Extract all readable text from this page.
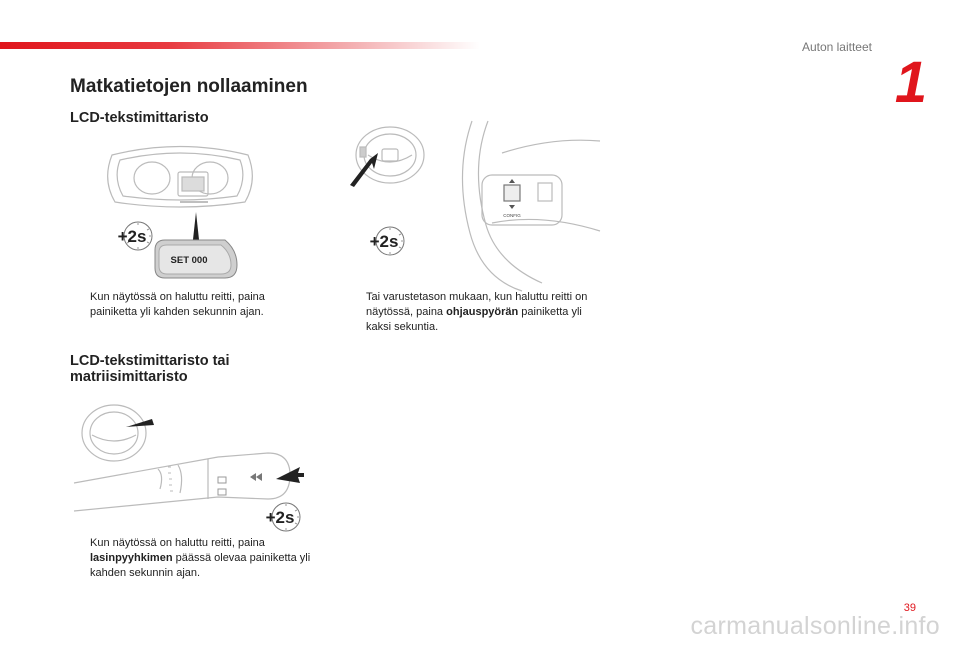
Auton laitteet
1
Matkatietojen nollaaminen
LCD-tekstimittaristo
+2s
SET 000
Kun näytössä on haluttu reitti, paina painiketta yli kahden sekunnin ajan.
CONFIG
+2s
Tai varustetason mukaan, kun haluttu reitti on näytössä, paina ohjauspyörän painiketta yli kaksi sekuntia.
LCD-tekstimittaristo tai
matriisimittaristo
+2s
Kun näytössä on haluttu reitti, paina lasinpyyhkimen päässä olevaa painiketta yli kahden sekunnin ajan.
39
carmanualsonline.info
